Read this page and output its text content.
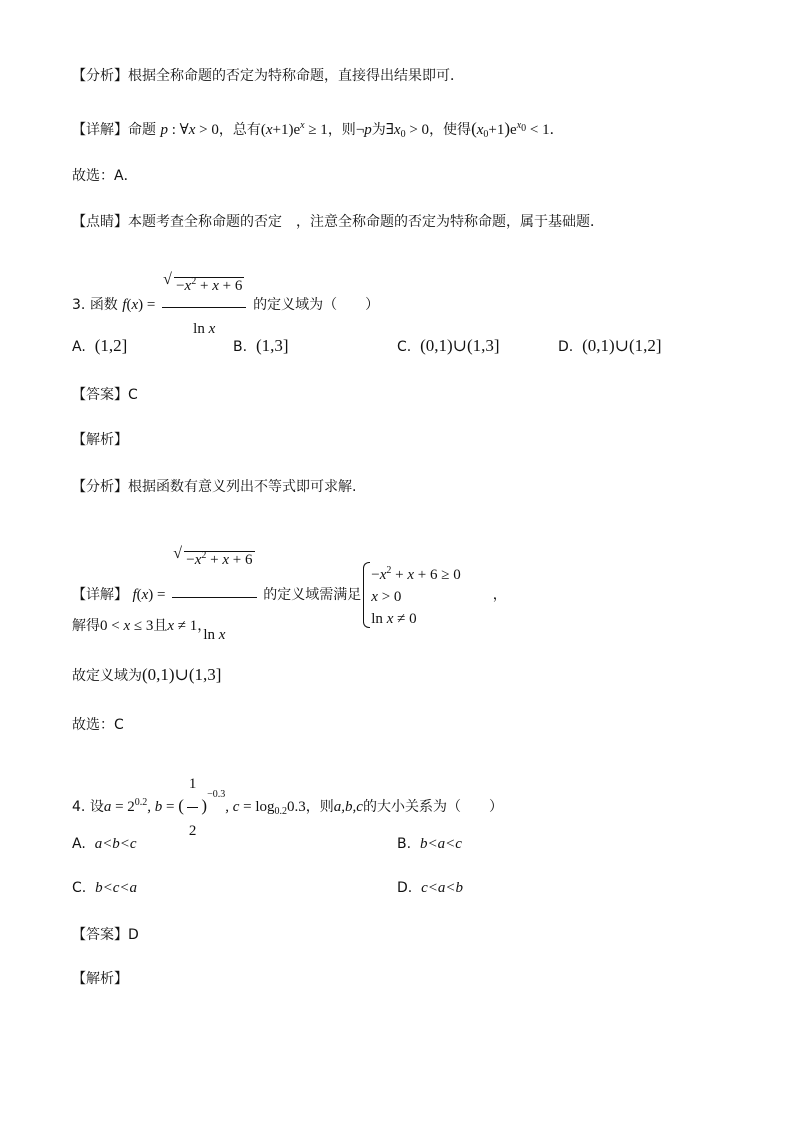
【分析】根据全称命题的否定为特称命题，直接得出结果即可．
【详解】命题 p : ∀x > 0，总有$(x+1)e^x \ge 1$，则¬p为$\exists x_0 > 0$，使得$(x_0+1)e^{x_0} < 1$．
故选：A．
【点睛】本题考查全称命题的否定　，注意全称命题的否定为特称命题，属于基础题．
3. 函数 f(x) = √ $\frac{-x^2 + x + 6}{\text{ln x}}$ 的定义域为（　　）
A. (1,2]	B. (1,3]	C. (0,1)∪(1,3]	D. (0,1)∪(1,2]
【答案】C
【解析】
【分析】根据函数有意义列出不等式即可求解.
【详解】 f(x) = √ $\frac{-x^2 + x + 6}{\text{ln x}}$ 的定义域需满足
$-x^2 + x + 6 \ge 0$
x > 0
ln x ≠ 0
，
解得0 < x ≤ 3且x ≠ 1，
故定义域为(0,1)∪(1,3]
故选：C
4. 设$a = 2^{0.2}$, b = ( $\frac{1}{2} )^{-0.3}$, $c = \log_{0.2}0.3$，则a,b,c的大小关系为（　　）
A. a<b<c	B. b<a<c
C. b<c<a	D. c<a<b
【答案】D
【解析】
